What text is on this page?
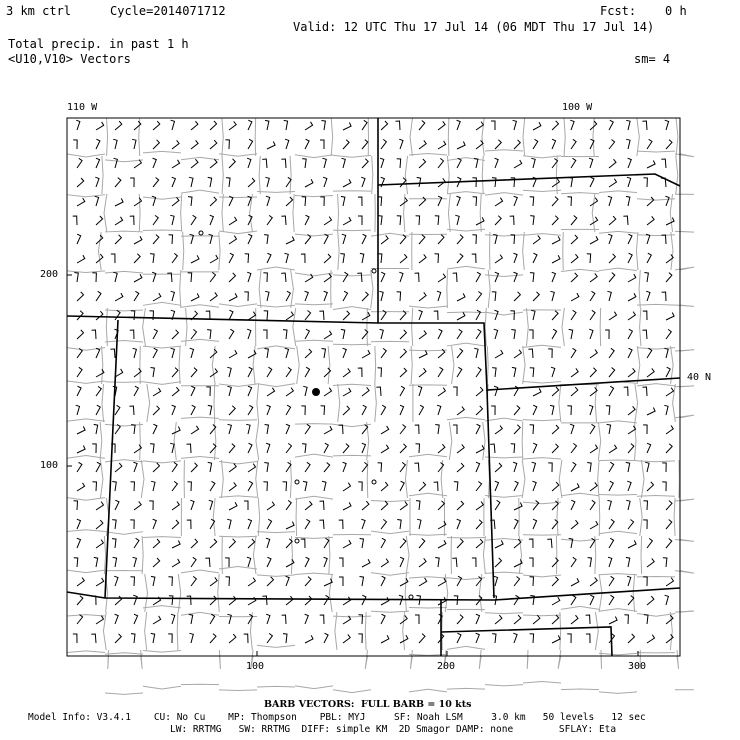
3 km ctrl	Cycle=2014071712	Fcst:    0 h
Valid: 12 UTC Thu 17 Jul 14 (06 MDT Thu 17 Jul 14)
Total precip. in past 1 h
<U10,V10> Vectors	sm= 4
110 W	100 W
40 N
100	200	300
200
100
BARB VECTORS:  FULL BARB = 10 kts
Model Info: V3.4.1    CU: No Cu    MP: Thompson    PBL: MYJ     SF: Noah LSM     3.0 km   50 levels   12 sec
LW: RRTMG   SW: RRTMG  DIFF: simple KM  2D Smagor DAMP: none        SFLAY: Eta
